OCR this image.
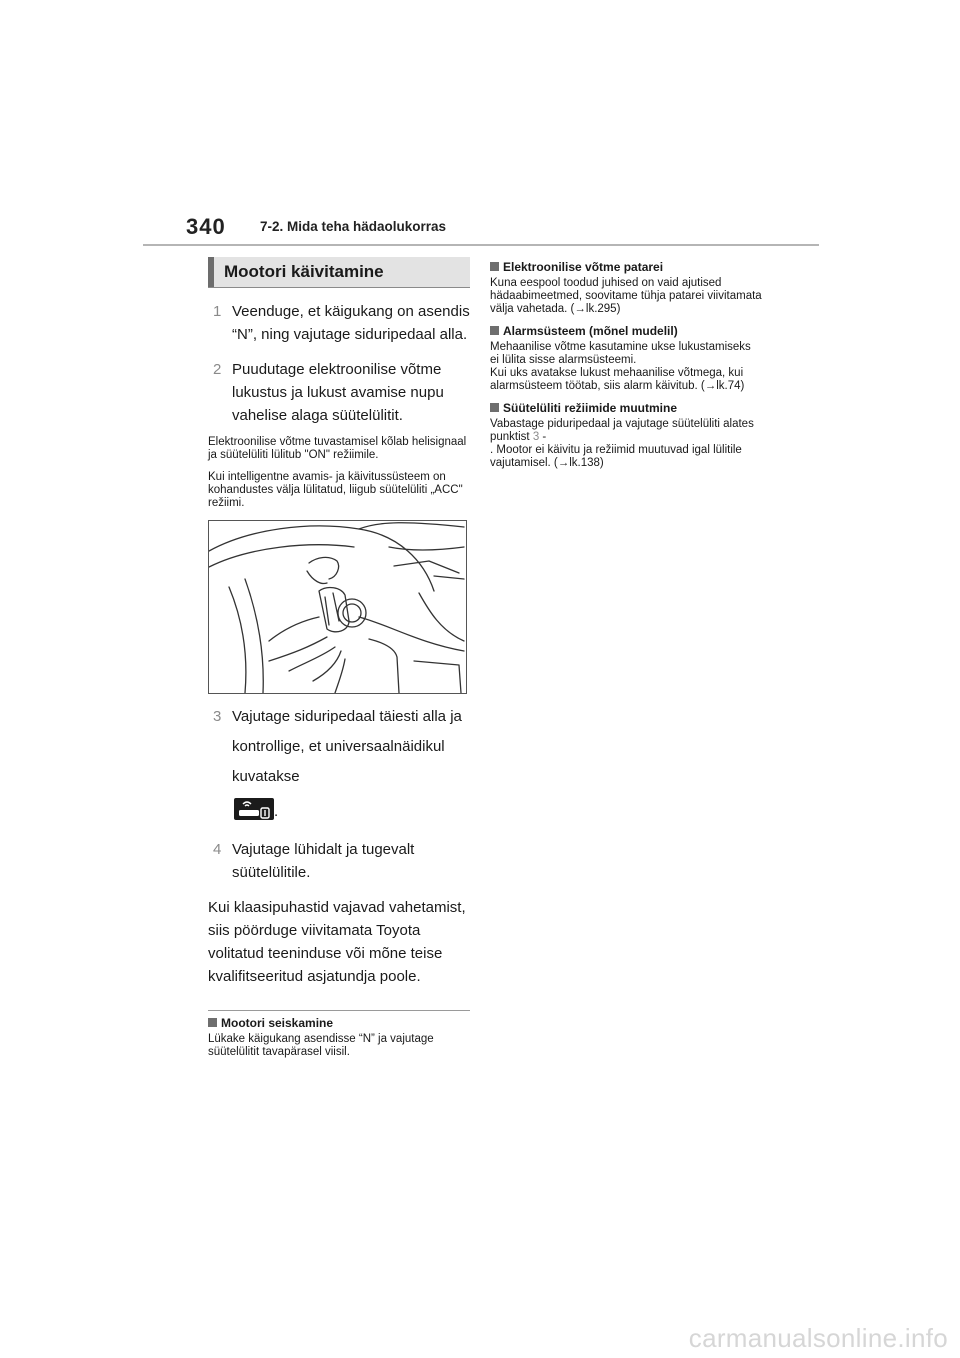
340	7-2. Mida teha hädaolukorras
Mootori käivitamine
1 Veenduge, et käigukang on asendis “N”, ning vajutage siduripedaal alla.
2 Puudutage elektroonilise võtme lukustus ja lukust avamise nupu vahelise alaga süütelülitit.
Elektroonilise võtme tuvastamisel kõlab helisignaal ja süütelüliti lülitub "ON" režiimile.
Kui intelligentne avamis- ja käivitussüsteem on kohandustes välja lülitatud, liigub süütelüliti „ACC" režiimi.
3 Vajutage siduripedaal täiesti alla ja kontrollige, et universaalnäidikul kuvatakse
.
4 Vajutage lühidalt ja tugevalt süütelülitile.
Kui klaasipuhastid vajavad vahetamist, siis pöörduge viivitamata Toyota volitatud teeninduse või mõne teise kvalifitseeritud asjatundja poole.
Mootori seiskamine
Lükake käigukang asendisse “N” ja vajutage süütelülitit tavapärasel viisil.
Elektroonilise võtme patarei
Kuna eespool toodud juhised on vaid ajutised hädaabimeetmed, soovitame tühja patarei viivitamata välja vahetada. (→lk.295)
Alarmsüsteem (mõnel mudelil)
Mehaanilise võtme kasutamine ukse lukustamiseks ei lülita sisse alarmsüsteemi.
Kui uks avatakse lukust mehaanilise võtmega, kui alarmsüsteem töötab, siis alarm käivitub. (→lk.74)
Süütelüliti režiimide muutmine
Vabastage piduripedaal ja vajutage süütelüliti alates punktist 3 -
. Mootor ei käivitu ja režiimid muutuvad igal lülitile vajutamisel. (→lk.138)
carmanualsonline.info
